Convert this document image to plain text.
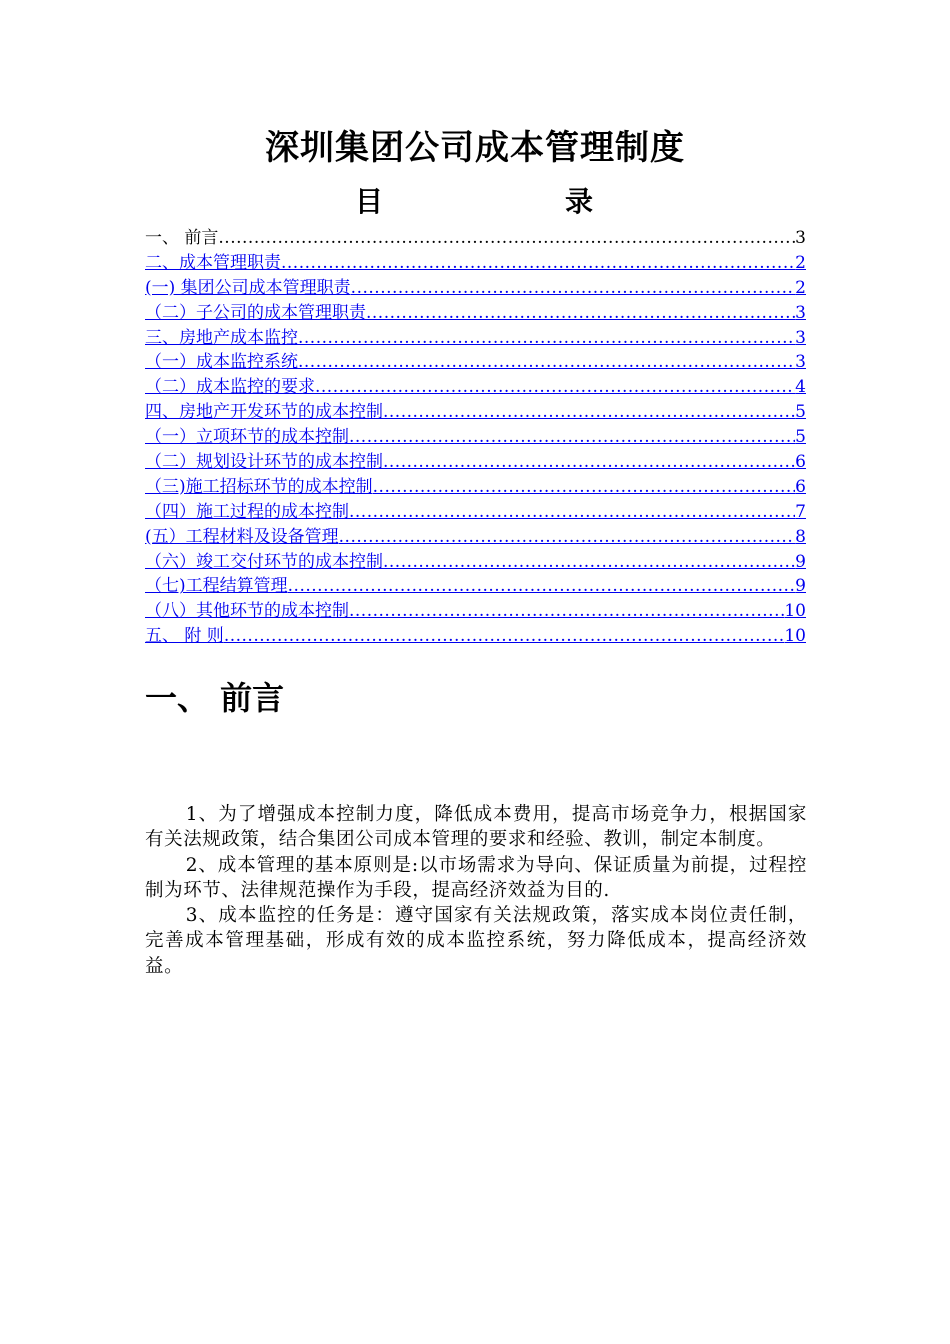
深圳集团公司成本管理制度
目	录
一、 前言 .....	3
二、成本管理职责 .....	2
(一) 集团公司成本管理职责 .....	2
（二）子公司的成本管理职责 .....	3
三、房地产成本监控 .....	3
（一）成本监控系统 .....	3
（二）成本监控的要求 .....	4
四、房地产开发环节的成本控制 .....	5
（一）立项环节的成本控制 .....	5
（二）规划设计环节的成本控制 .....	6
（三)施工招标环节的成本控制 .....	6
（四）施工过程的成本控制 .....	7
(五）工程材料及设备管理 .....	8
（六）竣工交付环节的成本控制 .....	9
（七)工程结算管理 .....	9
（八）其他环节的成本控制 .....	10
五、 附 则 .....	10
一、 前言

1、为了增强成本控制力度，降低成本费用，提高市场竞争力，根据国家有关法规政策，结合集团公司成本管理的要求和经验、教训，制定本制度。

2、成本管理的基本原则是:以市场需求为导向、保证质量为前提，过程控制为环节、法律规范操作为手段，提高经济效益为目的.

3、成本监控的任务是：遵守国家有关法规政策，落实成本岗位责任制，完善成本管理基础，形成有效的成本监控系统，努力降低成本，提高经济效益。
